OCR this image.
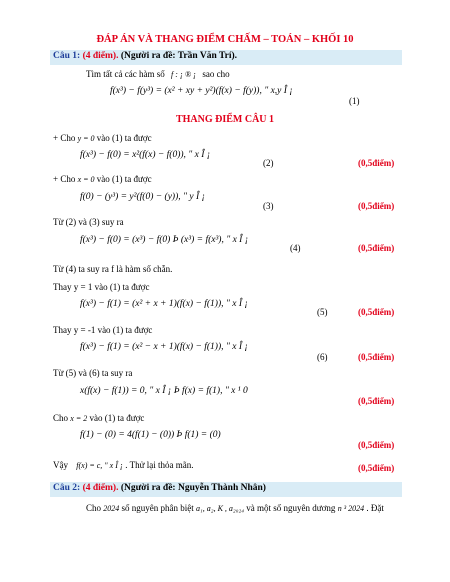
ĐÁP ÁN VÀ THANG ĐIỂM CHẤM – TOÁN – KHỐI 10
Câu 1: (4 điểm). (Người ra đề: Trần Văn Trí).
Tìm tất cả các hàm số f : ¡ ® ¡ sao cho
f(x³) − f(y³) = (x² + xy + y²)(f(x) − f(y)), " x,y Î ¡
(1)
THANG ĐIỂM CÂU 1
+ Cho y = 0 vào (1) ta được
f(x³) − f(0) = x²(f(x) − f(0)), " x Î ¡
(2)	(0,5điểm)
+ Cho x = 0 vào (1) ta được
f(0) − (y³) = y²(f(0) − (y)), " y Î ¡
(3)	(0,5điểm)
Từ (2) và (3) suy ra
f(x³) − f(0) = (x³) − f(0) Þ (x³) = f(x³), " x Î ¡
(4)	(0,5điểm)
Từ (4) ta suy ra f là hàm số chẵn.
Thay y = 1 vào (1) ta được
f(x³) − f(1) = (x² + x + 1)(f(x) − f(1)), " x Î ¡
(5)	(0,5điểm)
Thay y = -1 vào (1) ta được
f(x³) − f(1) = (x² − x + 1)(f(x) − f(1)), " x Î ¡
(6)	(0,5điểm)
Từ (5) và (6) ta suy ra
x(f(x) − f(1)) = 0, " x Î ¡ Þ f(x) = f(1), " x ¹ 0
(0,5điểm)
Cho x = 2 vào (1) ta được
f(1) − (0) = 4(f(1) − (0)) Þ f(1) = (0)
(0,5điểm)
Vậy f(x) = c, " x Î ¡ . Thử lại thỏa mãn.	(0,5điểm)
Câu 2: (4 điểm). (Người ra đề: Nguyễn Thành Nhân)
Cho 2024 số nguyên phân biệt a₁, a₂, K , a₂₀₂₄ và một số nguyên dương n ³ 2024 . Đặt
